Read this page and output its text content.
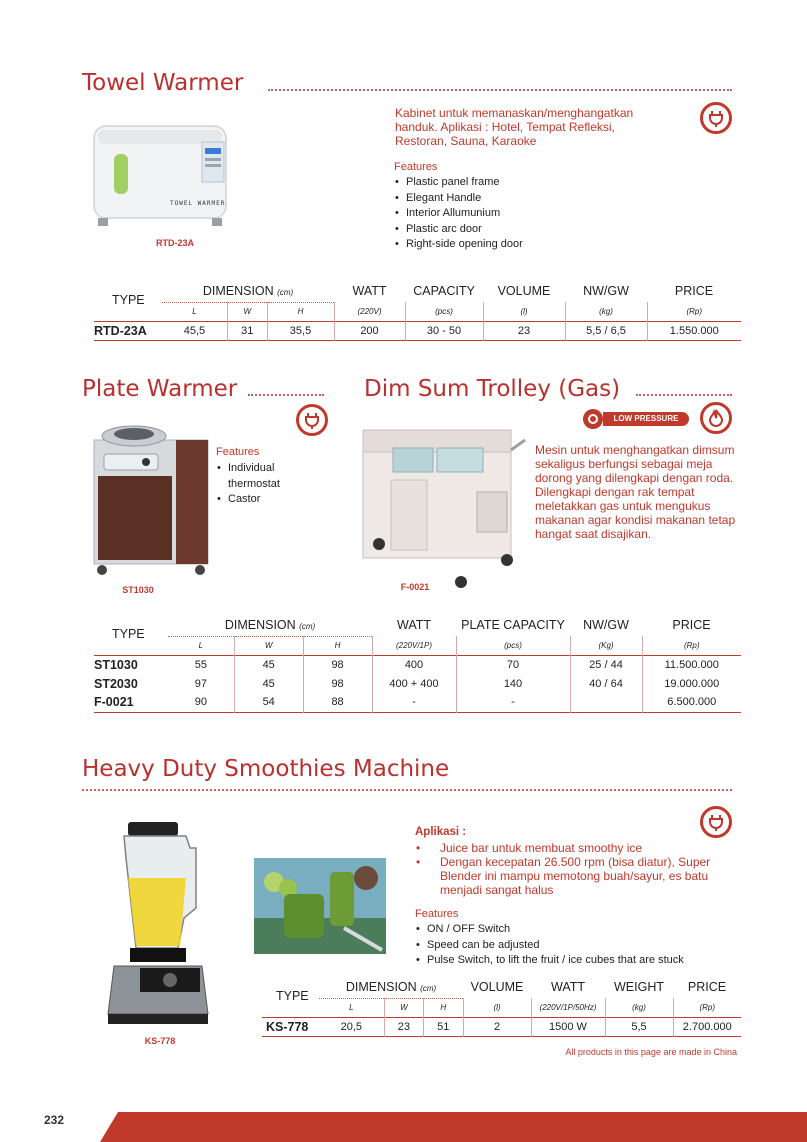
Towel Warmer
TOWEL WARMER
RTD-23A
Kabinet untuk memanaskan/menghangatkan handuk. Aplikasi : Hotel, Tempat Refleksi, Restoran, Sauna, Karaoke
Features
• Plastic panel frame
• Elegant Handle
• Interior Allumunium
• Plastic arc door
• Right-side opening door
TYPE	DIMENSION (cm)			WATT	CAPACITY	VOLUME	NW/GW	PRICE
	L	W	H	(220V)	(pcs)	(l)	(kg)	(Rp)
RTD-23A	45,5	31	35,5	200	30 - 50	23	5,5 / 6,5	1.550.000
Plate Warmer
ST1030
Features
• Individual thermostat
• Castor
Dim Sum Trolley (Gas)
LOW PRESSURE
F-0021
Mesin untuk menghangatkan dimsum sekaligus berfungsi sebagai meja dorong yang dilengkapi dengan roda. Dilengkapi dengan rak tempat meletakkan gas untuk mengukus makanan agar kondisi makanan tetap hangat saat disajikan.
TYPE	DIMENSION (cm)			WATT	PLATE CAPACITY	NW/GW	PRICE
	L	W	H	(220V/1P)	(pcs)	(Kg)	(Rp)
ST1030	55	45	98	400	70	25 / 44	11.500.000
ST2030	97	45	98	400 + 400	140	40 / 64	19.000.000
F-0021	90	54	88	-	-		6.500.000
Heavy Duty Smoothies Machine
KS-778
Aplikasi :
• Juice bar untuk membuat smoothy ice
• Dengan kecepatan 26.500 rpm (bisa diatur), Super Blender ini mampu memotong buah/sayur, es batu menjadi sangat halus
Features
• ON / OFF Switch
• Speed can be adjusted
• Pulse Switch, to lift the fruit / ice cubes that are stuck
TYPE	DIMENSION (cm)			VOLUME	WATT	WEIGHT	PRICE
	L	W	H	(l)	(220V/1P/50Hz)	(kg)	(Rp)
KS-778	20,5	23	51	2	1500 W	5,5	2.700.000
All products in this page are made in China
232
